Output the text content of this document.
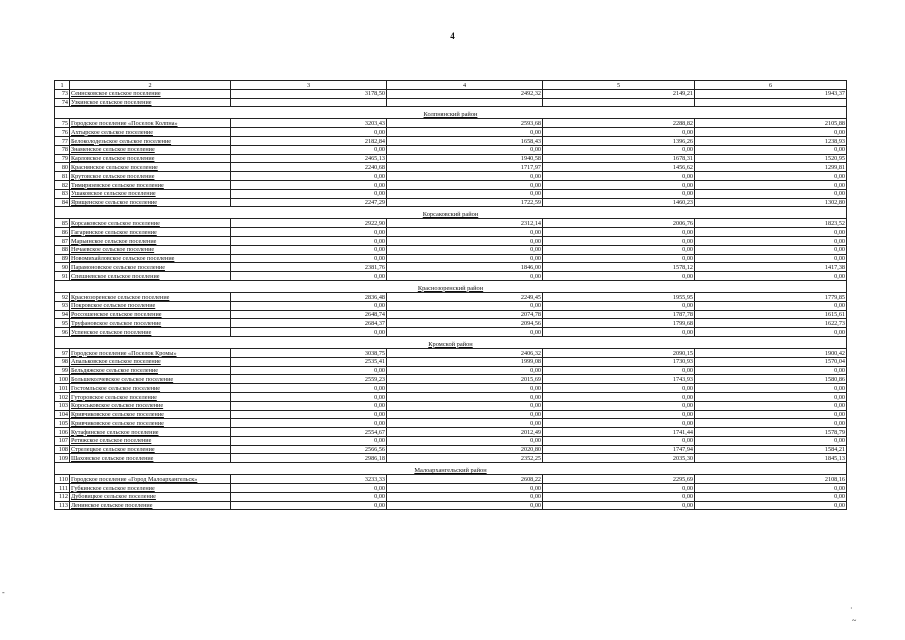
4
1	2	3	4	5	6
73	Сеинсковское сельское поселение	3178,50	2492,32	2149,21	1943,37
74	Узкинское сельское поселение				
Колпнянский район					
75	Городское поселение «Поселок Колпна»	3203,43	2593,68	2288,82	2105,88
76	Ахтырское сельское поселение	0,00	0,00	0,00	0,00
77	Белоколодезьское сельское поселение	2182,84	1658,43	1396,26	1238,93
78	Знаменское сельское поселение	0,00	0,00	0,00	0,00
79	Карловское сельское поселение	2465,13	1940,58	1678,31	1520,95
80	Краснянское сельское поселение	2240,68	1717,97	1456,62	1299,81
81	Крутовское сельское поселение	0,00	0,00	0,00	0,00
82	Тимирязевское сельское поселение	0,00	0,00	0,00	0,00
83	Ушаковское сельское поселение	0,00	0,00	0,00	0,00
84	Ярищенское сельское поселение	2247,29	1722,59	1460,23	1302,80
Корсаковский район					
85	Корсаковское сельское поселение	2922,90	2312,14	2006,76	1823,52
86	Гагаринское сельское поселение	0,00	0,00	0,00	0,00
87	Марьинское сельское поселение	0,00	0,00	0,00	0,00
88	Нечаевское сельское поселение	0,00	0,00	0,00	0,00
89	Новомихайловское сельское поселение	0,00	0,00	0,00	0,00
90	Парамоновское сельское поселение	2381,76	1846,00	1578,12	1417,38
91	Спешневское сельское поселение	0,00	0,00	0,00	0,00
Краснозоренский район					
92	Краснозоренское сельское поселение	2836,48	2249,45	1955,95	1779,85
93	Покровское сельское поселение	0,00	0,00	0,00	0,00
94	Россошенское сельское поселение	2648,74	2074,78	1787,78	1615,61
95	Труфановское сельское поселение	2684,37	2094,56	1799,68	1622,73
96	Успенское сельское поселение	0,00	0,00	0,00	0,00
Кромской район					
97	Городское поселение «Поселок Кромы»	3038,75	2406,32	2090,15	1900,42
98	Апальковское сельское поселение	2535,41	1999,08	1730,93	1570,04
99	Бельдяжское сельское поселение	0,00	0,00	0,00	0,00
100	Большеколчевское сельское поселение	2559,23	2015,69	1743,93	1580,86
101	Гостомльское сельское поселение	0,00	0,00	0,00	0,00
102	Гуторовское сельское поселение	0,00	0,00	0,00	0,00
103	Короськовское сельское поселение	0,00	0,00	0,00	0,00
104	Кривчиковское сельское поселение	0,00	0,00	0,00	0,00
105	Кривчиковское сельское поселение	0,00	0,00	0,00	0,00
106	Кутафинское сельское поселение	2554,67	2012,49	1741,44	1578,79
107	Ретяжское сельское поселение	0,00	0,00	0,00	0,00
108	Стрелецкое сельское поселение	2566,56	2020,80	1747,94	1584,21
109	Шаховское сельское поселение	2986,18	2352,25	2035,30	1845,13
Малоархангельский район					
110	Городское поселение «Город Малоархангельск»	3233,33	2608,22	2295,69	2108,16
111	Губкинское сельское поселение	0,00	0,00	0,00	0,00
112	Дубовицкое сельское поселение	0,00	0,00	0,00	0,00
113	Ленинское сельское поселение	0,00	0,00	0,00	0,00
·
~
-
